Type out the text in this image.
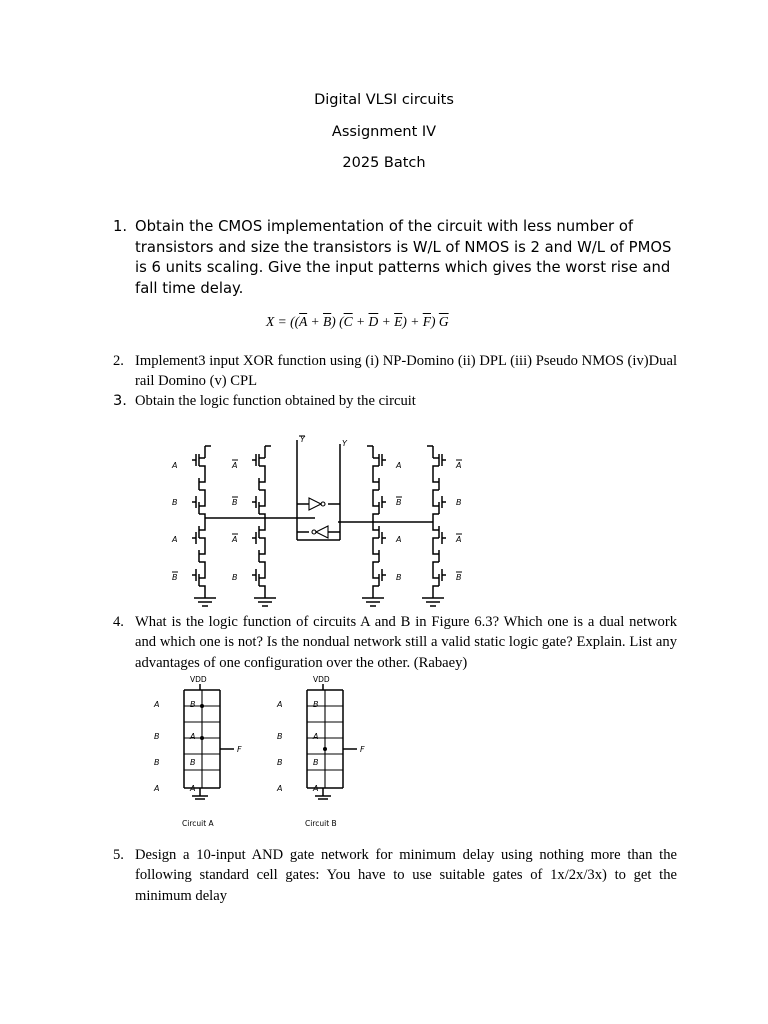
Digital VLSI circuits
Assignment IV
2025 Batch
1. Obtain the CMOS implementation of the circuit with less number of transistors and size the transistors is W/L of NMOS is 2 and W/L of PMOS is 6 units scaling. Give the input patterns which gives the worst rise and fall time delay.
$X = ((\overline{A} + \overline{B}) (\overline{C} + \overline{D} + \overline{E}) + \overline{F})$ $\overline{G}$
2. Implement3 input XOR function using (i) NP-Domino (ii) DPL (iii) Pseudo NMOS (iv)Dual rail Domino (v) CPL
3. Obtain the logic function obtained by the circuit
Y	Y
A
B
A
B
A
B
A
B
A
B
A
B
A
B
A
B
4. What is the logic function of circuits A and B in Figure 6.3? Which one is a dual network and which one is not? Is the nondual network still a valid static logic gate? Explain. List any advantages of one configuration over the other. (Rabaey)
VDD
F
A
B
B
A
B
A
B
A
Circuit A
VDD
F
A
B
B
A
B
A
B
A
Circuit B
5. Design a 10-input AND gate network for minimum delay using nothing more than the following standard cell gates: You have to use suitable gates of 1x/2x/3x) to get the minimum delay
